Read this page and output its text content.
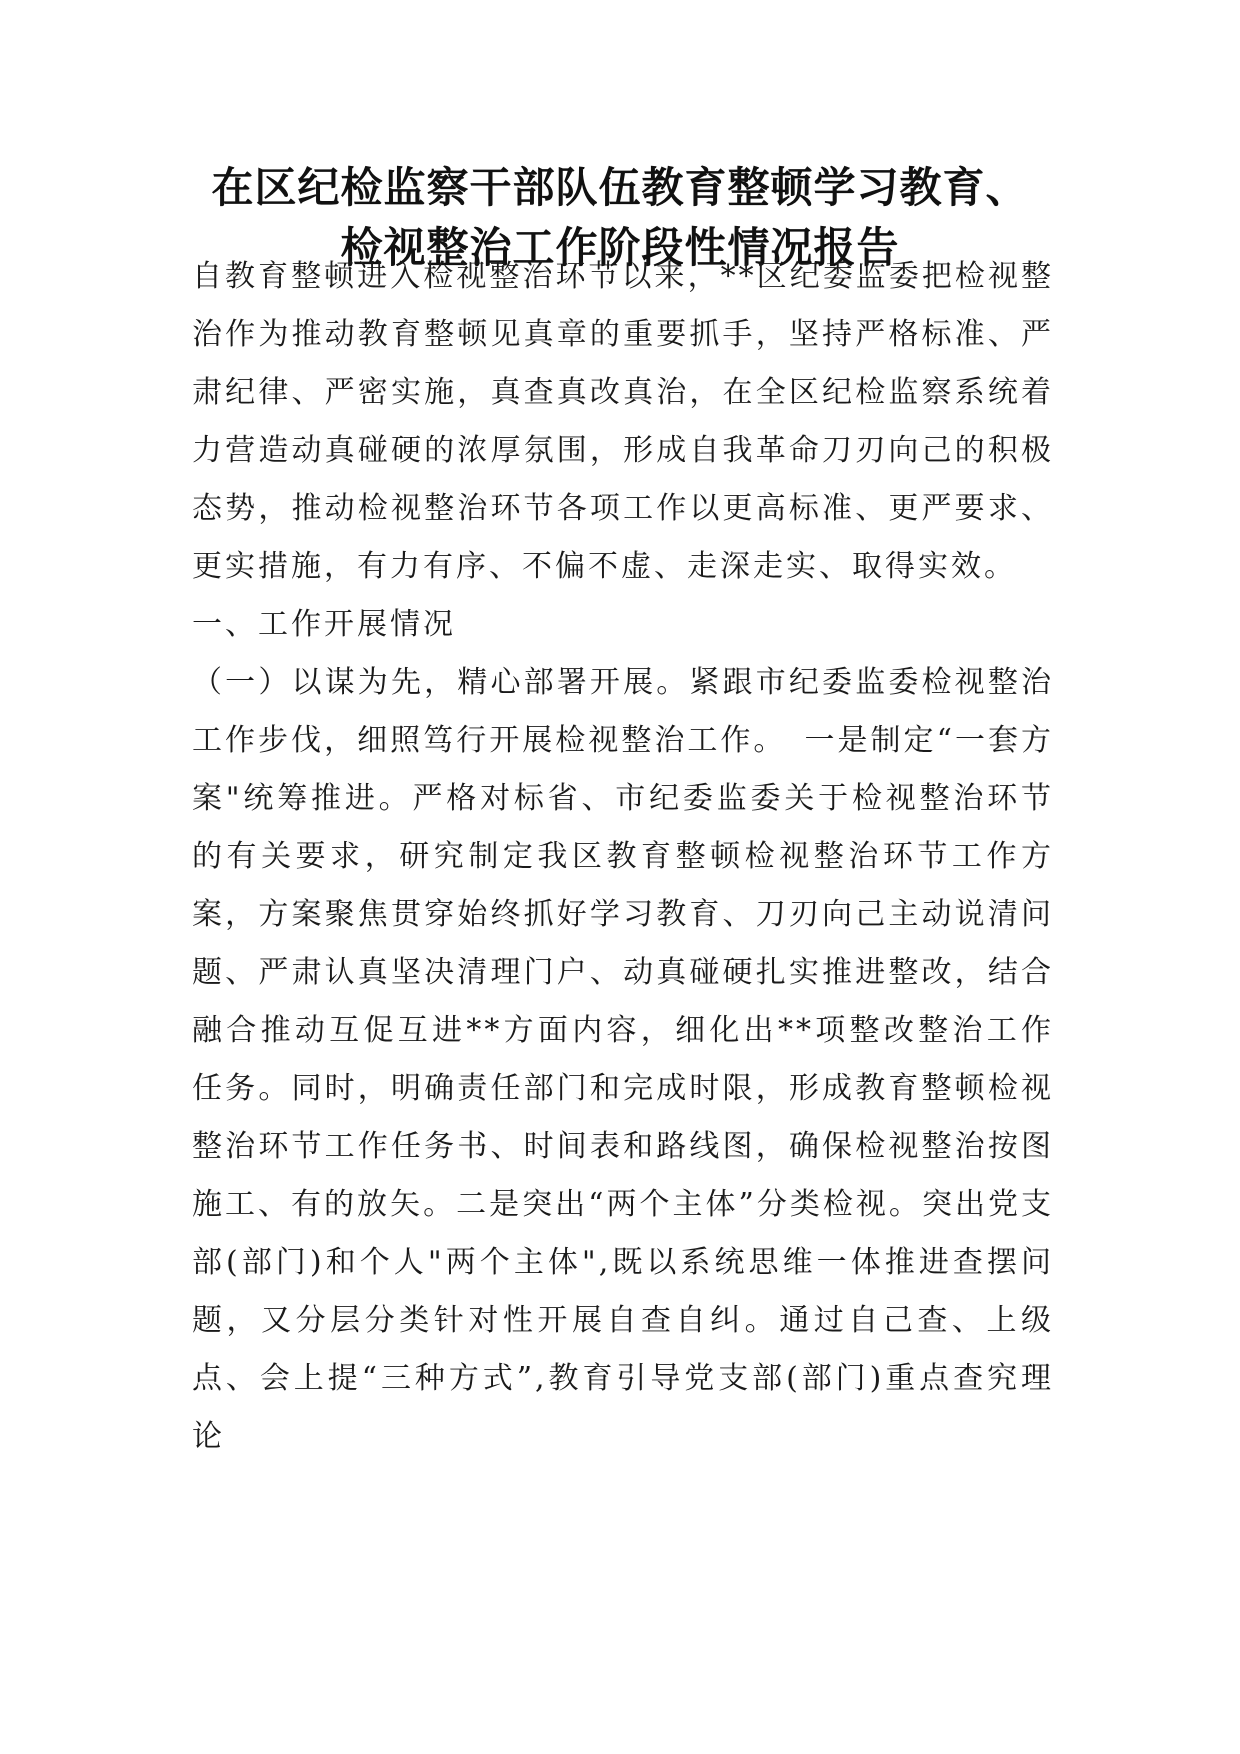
在区纪检监察干部队伍教育整顿学习教育、
检视整治工作阶段性情况报告

自教育整顿进入检视整治环节以来，**区纪委监委把检视整治作为推动教育整顿见真章的重要抓手，坚持严格标准、严肃纪律、严密实施，真查真改真治，在全区纪检监察系统着力营造动真碰硬的浓厚氛围，形成自我革命刀刃向己的积极态势，推动检视整治环节各项工作以更高标准、更严要求、更实措施，有力有序、不偏不虚、走深走实、取得实效。

一、工作开展情况

（一）以谋为先，精心部署开展。紧跟市纪委监委检视整治工作步伐，细照笃行开展检视整治工作。　一是制定“一套方案"统筹推进。严格对标省、市纪委监委关于检视整治环节的有关要求，研究制定我区教育整顿检视整治环节工作方案，方案聚焦贯穿始终抓好学习教育、刀刃向己主动说清问题、严肃认真坚决清理门户、动真碰硬扎实推进整改，结合融合推动互促互进**方面内容，细化出**项整改整治工作任务。同时，明确责任部门和完成时限，形成教育整顿检视整治环节工作任务书、时间表和路线图，确保检视整治按图施工、有的放矢。二是突出“两个主体”分类检视。突出党支部(部门)和个人"两个主体",既以系统思维一体推进查摆问题，又分层分类针对性开展自查自纠。通过自己查、上级点、会上提“三种方式”,教育引导党支部(部门)重点查究理论
